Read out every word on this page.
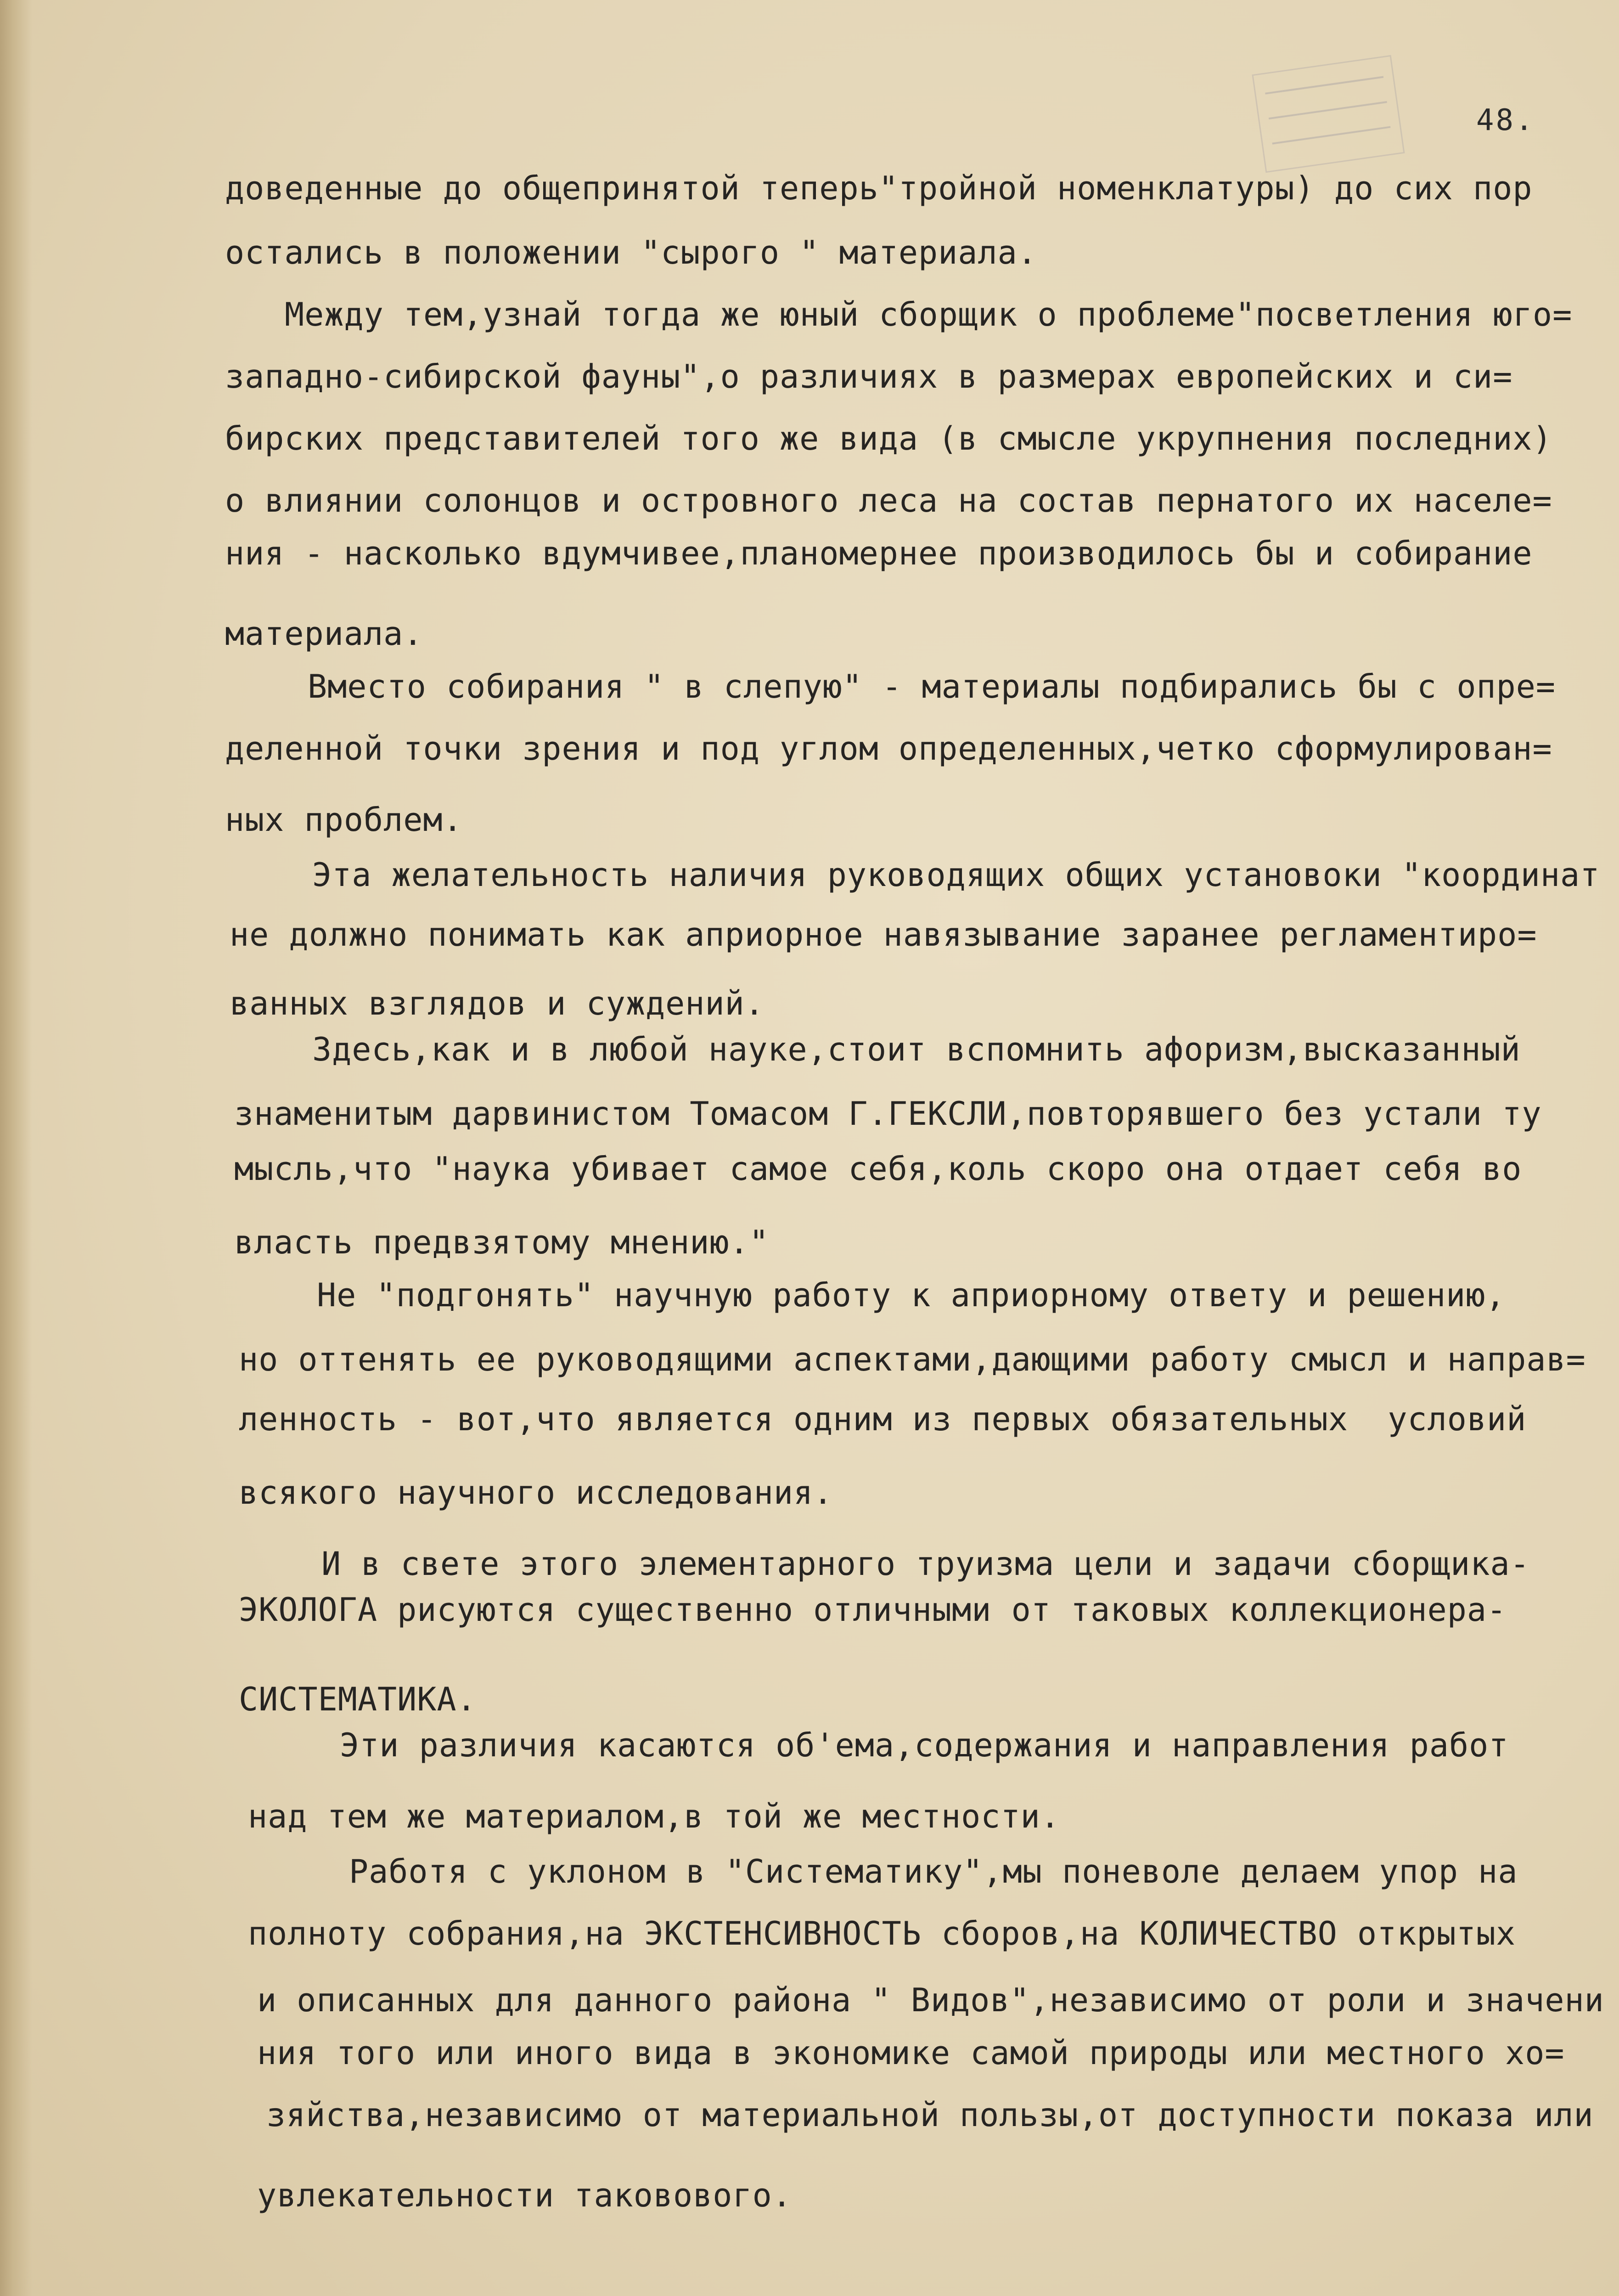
48.
доведенные до общепринятой теперь"тройной номенклатуры) до сих пор
остались в положении "сырого " материала.
Между тем,узнай тогда же юный сборщик о проблеме"посветления юго=
западно-сибирской фауны",о различиях в размерах европейских и си=
бирских представителей того же вида (в смысле укрупнения последних)
о влиянии солонцов и островного леса на состав пернатого их населе=
ния - насколько вдумчивее,планомернее производилось бы и собирание
материала.
Вместо собирания " в слепую" - материалы подбирались бы с опре=
деленной точки зрения и под углом определенных,четко сформулирован=
ных проблем.
Эта желательность наличия руководящих общих установоки "координат
не должно понимать как априорное навязывание заранее регламентиро=
ванных взглядов и суждений.
Здесь,как и в любой науке,стоит вспомнить афоризм,высказанный
знаменитым дарвинистом Томасом Г.ГЕКСЛИ,повторявшего без устали ту
мысль,что "наука убивает самое себя,коль скоро она отдает себя во
власть предвзятому мнению."
Не "подгонять" научную работу к априорному ответу и решению,
но оттенять ее руководящими аспектами,дающими работу смысл и направ=
ленность - вот,что является одним из первых обязательных  условий
всякого научного исследования.
И в свете этого элементарного труизма цели и задачи сборщика-
ЭКОЛОГА рисуются существенно отличными от таковых коллекционера-
СИСТЕМАТИКА.
Эти различия касаются об'ема,содержания и направления работ
над тем же материалом,в той же местности.
Работя с уклоном в "Систематику",мы поневоле делаем упор на
полноту собрания,на ЭКСТЕНСИВНОСТЬ сборов,на КОЛИЧЕСТВО открытых
и описанных для данного района " Видов",независимо от роли и значени
ния того или иного вида в экономике самой природы или местного хо=
зяйства,независимо от материальной пользы,от доступности показа или
увлекательности таковового.
